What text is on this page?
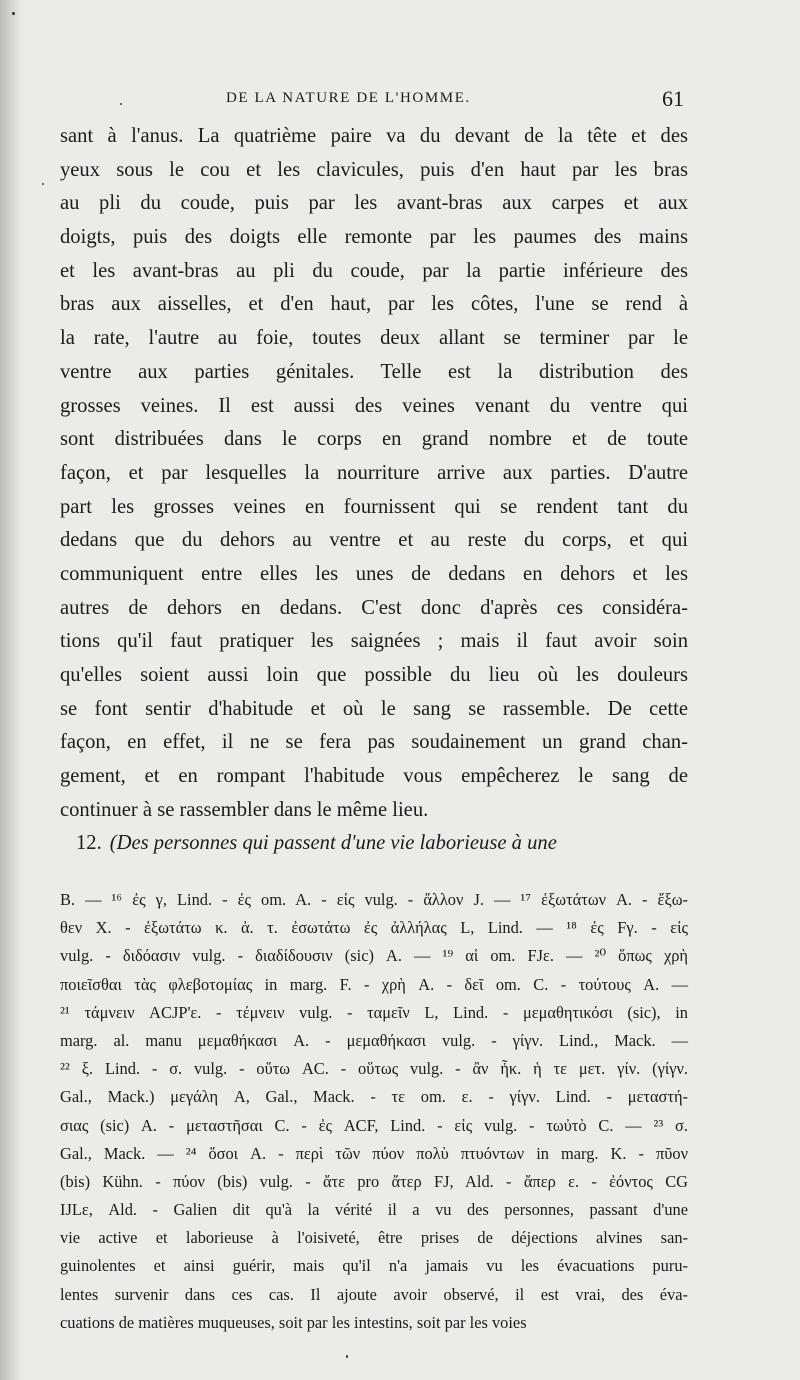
DE LA NATURE DE L'HOMME.	61
sant à l'anus. La quatrième paire va du devant de la tête et des
yeux sous le cou et les clavicules, puis d'en haut par les bras
au pli du coude, puis par les avant-bras aux carpes et aux
doigts, puis des doigts elle remonte par les paumes des mains
et les avant-bras au pli du coude, par la partie inférieure des
bras aux aisselles, et d'en haut, par les côtes, l'une se rend à
la rate, l'autre au foie, toutes deux allant se terminer par le
ventre aux parties génitales. Telle est la distribution des
grosses veines. Il est aussi des veines venant du ventre qui
sont distribuées dans le corps en grand nombre et de toute
façon, et par lesquelles la nourriture arrive aux parties. D'autre
part les grosses veines en fournissent qui se rendent tant du
dedans que du dehors au ventre et au reste du corps, et qui
communiquent entre elles les unes de dedans en dehors et les
autres de dehors en dedans. C'est donc d'après ces considéra-
tions qu'il faut pratiquer les saignées ; mais il faut avoir soin
qu'elles soient aussi loin que possible du lieu où les douleurs
se font sentir d'habitude et où le sang se rassemble. De cette
façon, en effet, il ne se fera pas soudainement un grand chan-
gement, et en rompant l'habitude vous empêcherez le sang de
continuer à se rassembler dans le même lieu.
12. (Des personnes qui passent d'une vie laborieuse à une
B. — ¹⁶ ἐς γ, Lind. - ἐς om. A. - εἰς vulg. - ἄλλον J. — ¹⁷ ἐξωτάτων A. - ἔξω-
θεν X. - ἐξωτάτω κ. ἀ. τ. ἐσωτάτω ἐς ἀλλήλας L, Lind. — ¹⁸ ἐς Fγ. - εἰς
vulg. - διδόασιν vulg. - διαδίδουσιν (sic) A. — ¹⁹ αἱ om. FJε. — ²⁰ ὅπως χρὴ
ποιεῖσθαι τὰς φλεβοτομίας in marg. F. - χρὴ A. - δεῖ om. C. - τούτους A. —
²¹ τάμνειν ACJP'ε. - τέμνειν vulg. - ταμεῖν L, Lind. - μεμαθητικόσι (sic), in
marg. al. manu μεμαθήκασι A. - μεμαθήκασι vulg. - γίγν. Lind., Mack. —
²² ξ. Lind. - σ. vulg. - οὕτω AC. - οὕτως vulg. - ἂν ἧκ. ἡ τε μετ. γίν. (γίγν.
Gal., Mack.) μεγάλη A, Gal., Mack. - τε om. ε. - γίγν. Lind. - μεταστή-
σιας (sic) A. - μεταστῆσαι C. - ἐς ACF, Lind. - εἰς vulg. - τωὐτὸ C. — ²³ σ.
Gal., Mack. — ²⁴ ὅσοι A. - περὶ τῶν πύον πολὺ πτυόντων in marg. K. - πῦον
(bis) Kühn. - πύον (bis) vulg. - ἄτε pro ἄτερ FJ, Ald. - ἄπερ ε. - ἐόντος CG
IJLε, Ald. - Galien dit qu'à la vérité il a vu des personnes, passant d'une
vie active et laborieuse à l'oisiveté, être prises de déjections alvines san-
guinolentes et ainsi guérir, mais qu'il n'a jamais vu les évacuations puru-
lentes survenir dans ces cas. Il ajoute avoir observé, il est vrai, des éva-
cuations de matières muqueuses, soit par les intestins, soit par les voies
